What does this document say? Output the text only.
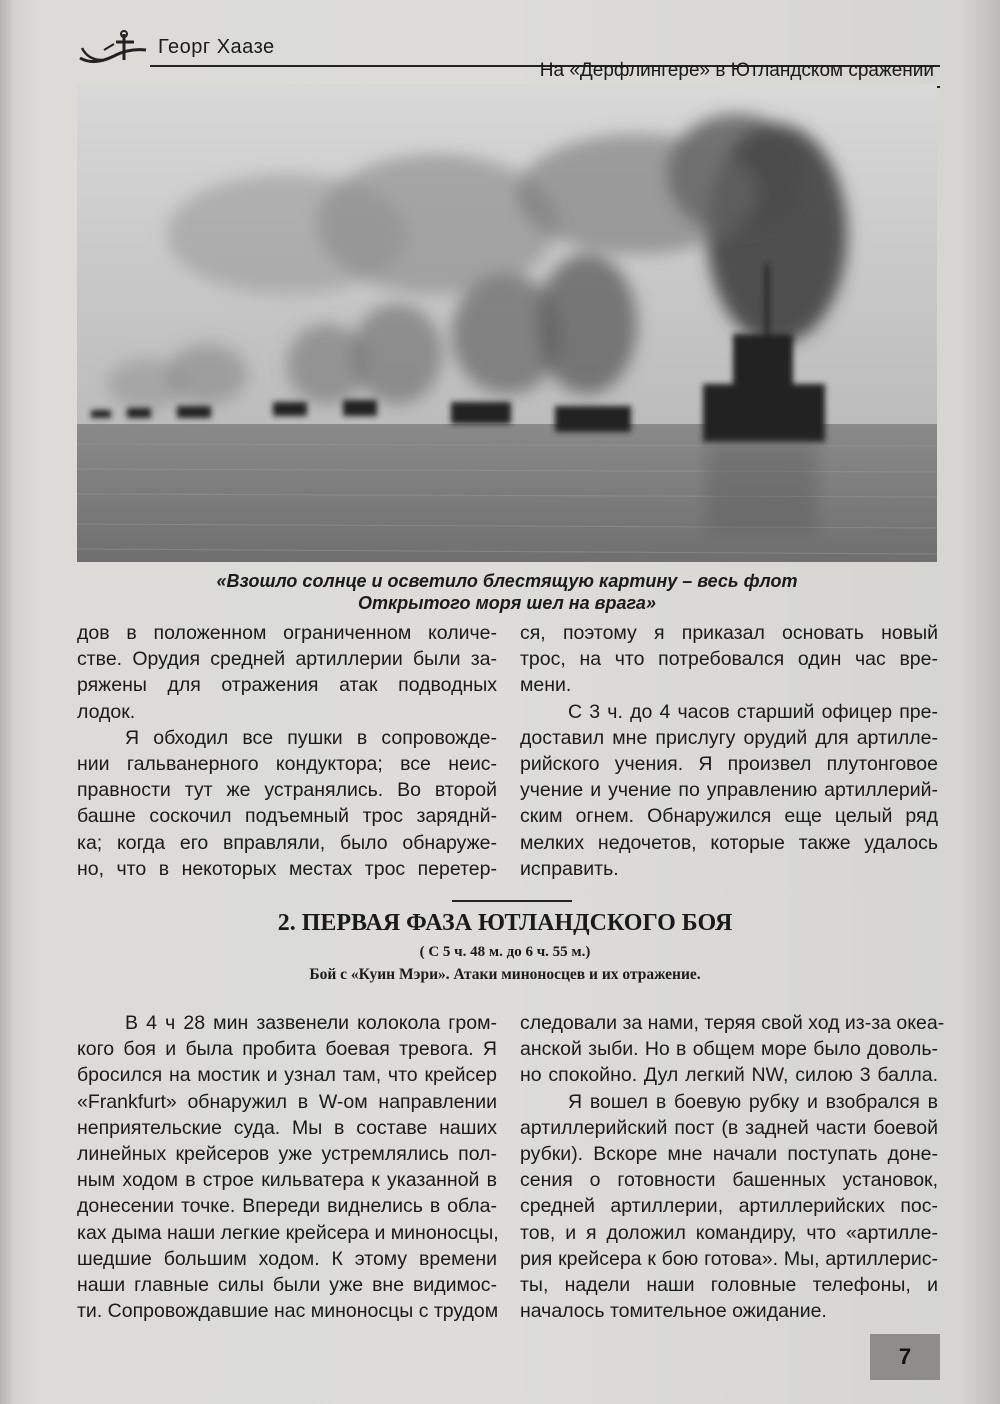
Георг Хаазе
На «Дерфлингере» в Ютландском сражении
«Взошло солнце и осветило блестящую картину – весь флот
Открытого моря шел на врага»
дов в положенном ограниченном количе-
стве. Орудия средней артиллерии были за-
ряжены для отражения атак подводных
лодок.
Я обходил все пушки в сопровожде-
нии гальванерного кондуктора; все неис-
правности тут же устранялись. Во второй
башне соскочил подъемный трос заряднй-
ка; когда его вправляли, было обнаруже-
но, что в некоторых местах трос перетер-
ся, поэтому я приказал основать новый
трос, на что потребовался один час вре-
мени.
С 3 ч. до 4 часов старший офицер пре-
доставил мне прислугу орудий для артилле-
рийского учения. Я произвел плутонговое
учение и учение по управлению артиллерий-
ским огнем. Обнаружился еще целый ряд
мелких недочетов, которые также удалось
исправить.
2. ПЕРВАЯ ФАЗА ЮТЛАНДСКОГО БОЯ
( С 5 ч. 48 м. до 6 ч. 55 м.)
Бой с «Куин Мэри». Атаки миноносцев и их отражение.
В 4 ч 28 мин зазвенели колокола гром-
кого боя и была пробита боевая тревога. Я
бросился на мостик и узнал там, что крейсер
«Frankfurt» обнаружил в W-ом направлении
неприятельские суда. Мы в составе наших
линейных крейсеров уже устремлялись пол-
ным ходом в строе кильватера к указанной в
донесении точке. Впереди виднелись в обла-
ках дыма наши легкие крейсера и миноносцы,
шедшие большим ходом. К этому времени
наши главные силы были уже вне видимос-
ти. Сопровождавшие нас миноносцы с трудом
следовали за нами, теряя свой ход из-за океа-
анской зыби. Но в общем море было доволь-
но спокойно. Дул легкий NW, силою 3 балла.
Я вошел в боевую рубку и взобрался в
артиллерийский пост (в задней части боевой
рубки). Вскоре мне начали поступать доне-
сения о готовности башенных установок,
средней артиллерии, артиллерийских пос-
тов, и я доложил командиру, что «артилле-
рия крейсера к бою готова». Мы, артиллерис-
ты, надели наши головные телефоны, и
началось томительное ожидание.
7
